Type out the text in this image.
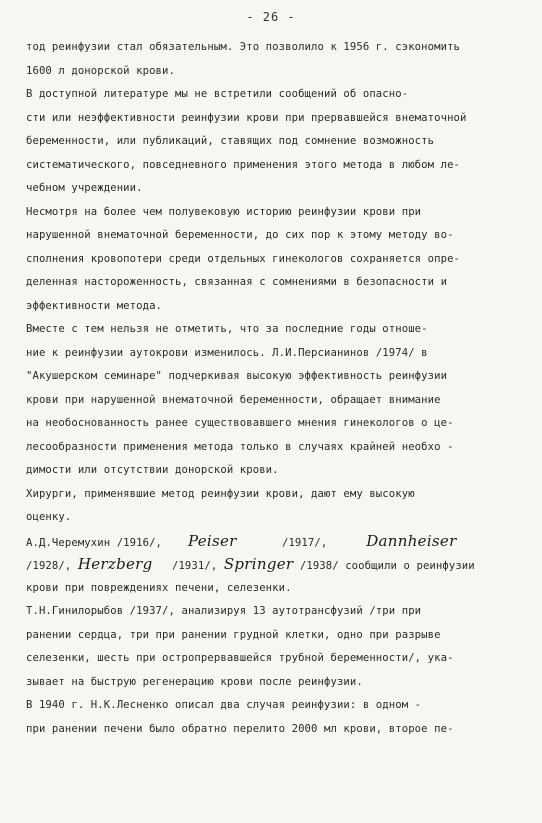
- 26 -
тод реинфузии стал обязательным. Это позволило к 1956 г. сэкономить
1600 л донорской крови.
В доступной литературе мы не встретили сообщений об опасно-
сти или неэффективности реинфузии крови при прервавшейся внематочной
беременности, или публикаций, ставящих под сомнение возможность
систематического, повседневного применения этого метода в любом ле-
чебном учреждении.
Несмотря на более чем полувековую историю реинфузии крови при
нарушенной внематочной беременности, до сих пор к этому методу во-
сполнения кровопотери среди отдельных гинекологов сохраняется опре-
деленная настороженность, связанная с сомнениями в безопасности и
эффективности метода.
Вместе с тем нельзя не отметить, что за последние годы отноше-
ние к реинфузии аутокрови изменилось. Л.И.Персианинов /1974/ в
"Акушерском семинаре" подчеркивая высокую эффективность реинфузии
крови при нарушенной внематочной беременности, обращает внимание
на необоснованность ранее существовавшего мнения гинекологов о це-
лесообразности применения метода только в случаях крайней необхо -
димости или отсутствии донорской крови.
Хирурги, применявшие метод реинфузии крови, дают ему высокую
оценку.
А.Д.Черемухин /1916/, Peiser	/1917/,	Dannheiser
/1928/, Herzberg /1931/, Springer /1938/ сообщили о реинфузии
крови при повреждениях печени, селезенки.
Т.Н.Гинилорыбов /1937/, анализируя 13 аутотрансфузий /три при
ранении сердца, три при ранении грудной клетки, одно при разрыве
селезенки, шесть при остропрервавшейся трубной беременности/, ука-
зывает на быструю регенерацию крови после реинфузии.
В 1940 г. Н.К.Лесненко описал два случая реинфузии: в одном -
при ранении печени было обратно перелито 2000 мл крови, второе пе-
